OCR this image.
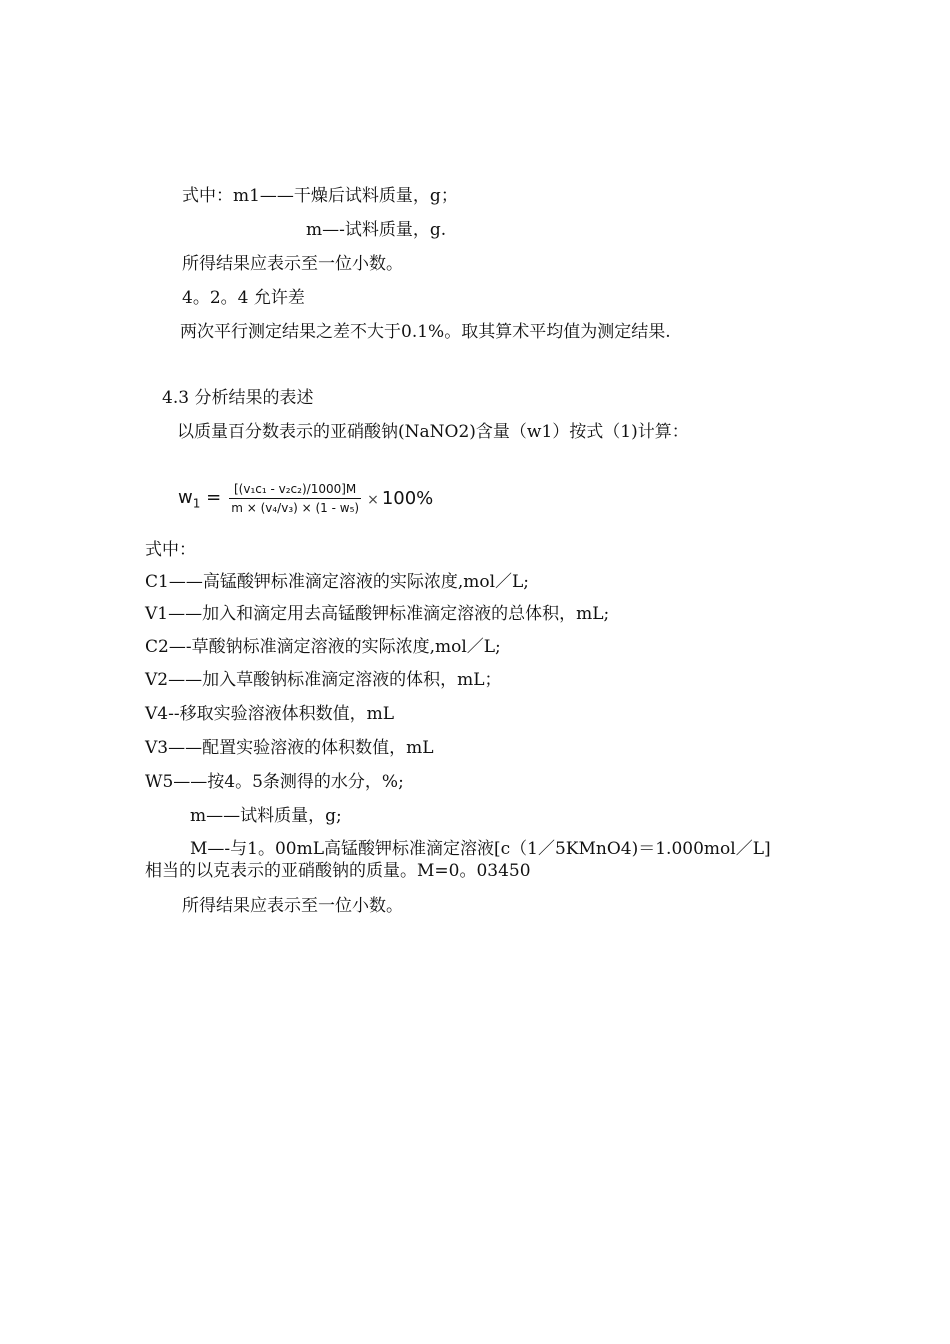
式中：m1——干燥后试料质量，g；
m—-试料质量，g.
所得结果应表示至一位小数。
4。2。4 允许差
两次平行测定结果之差不大于0.1%。取其算术平均值为测定结果.
4.3 分析结果的表述
以质量百分数表示的亚硝酸钠(NaNO2)含量（w1）按式（1)计算：
$w_1 = \frac{\text{[(v₁c₁ - v₂c₂)/1000]M}}{\text{m × (v₄/v₃) × (1 - w₅)}} \times 100\%$
式中：
C1——高锰酸钾标准滴定溶液的实际浓度,mol／L;
V1——加入和滴定用去高锰酸钾标准滴定溶液的总体积，mL;
C2—-草酸钠标准滴定溶液的实际浓度,mol／L;
V2——加入草酸钠标准滴定溶液的体积，mL；
V4--移取实验溶液体积数值，mL
V3——配置实验溶液的体积数值，mL
W5——按4。5条测得的水分，%;
m——试料质量，g;
M—-与1。00mL高锰酸钾标准滴定溶液[c（1／5KMnO4)＝1.000mol／L]
相当的以克表示的亚硝酸钠的质量。M=0。03450
所得结果应表示至一位小数。
